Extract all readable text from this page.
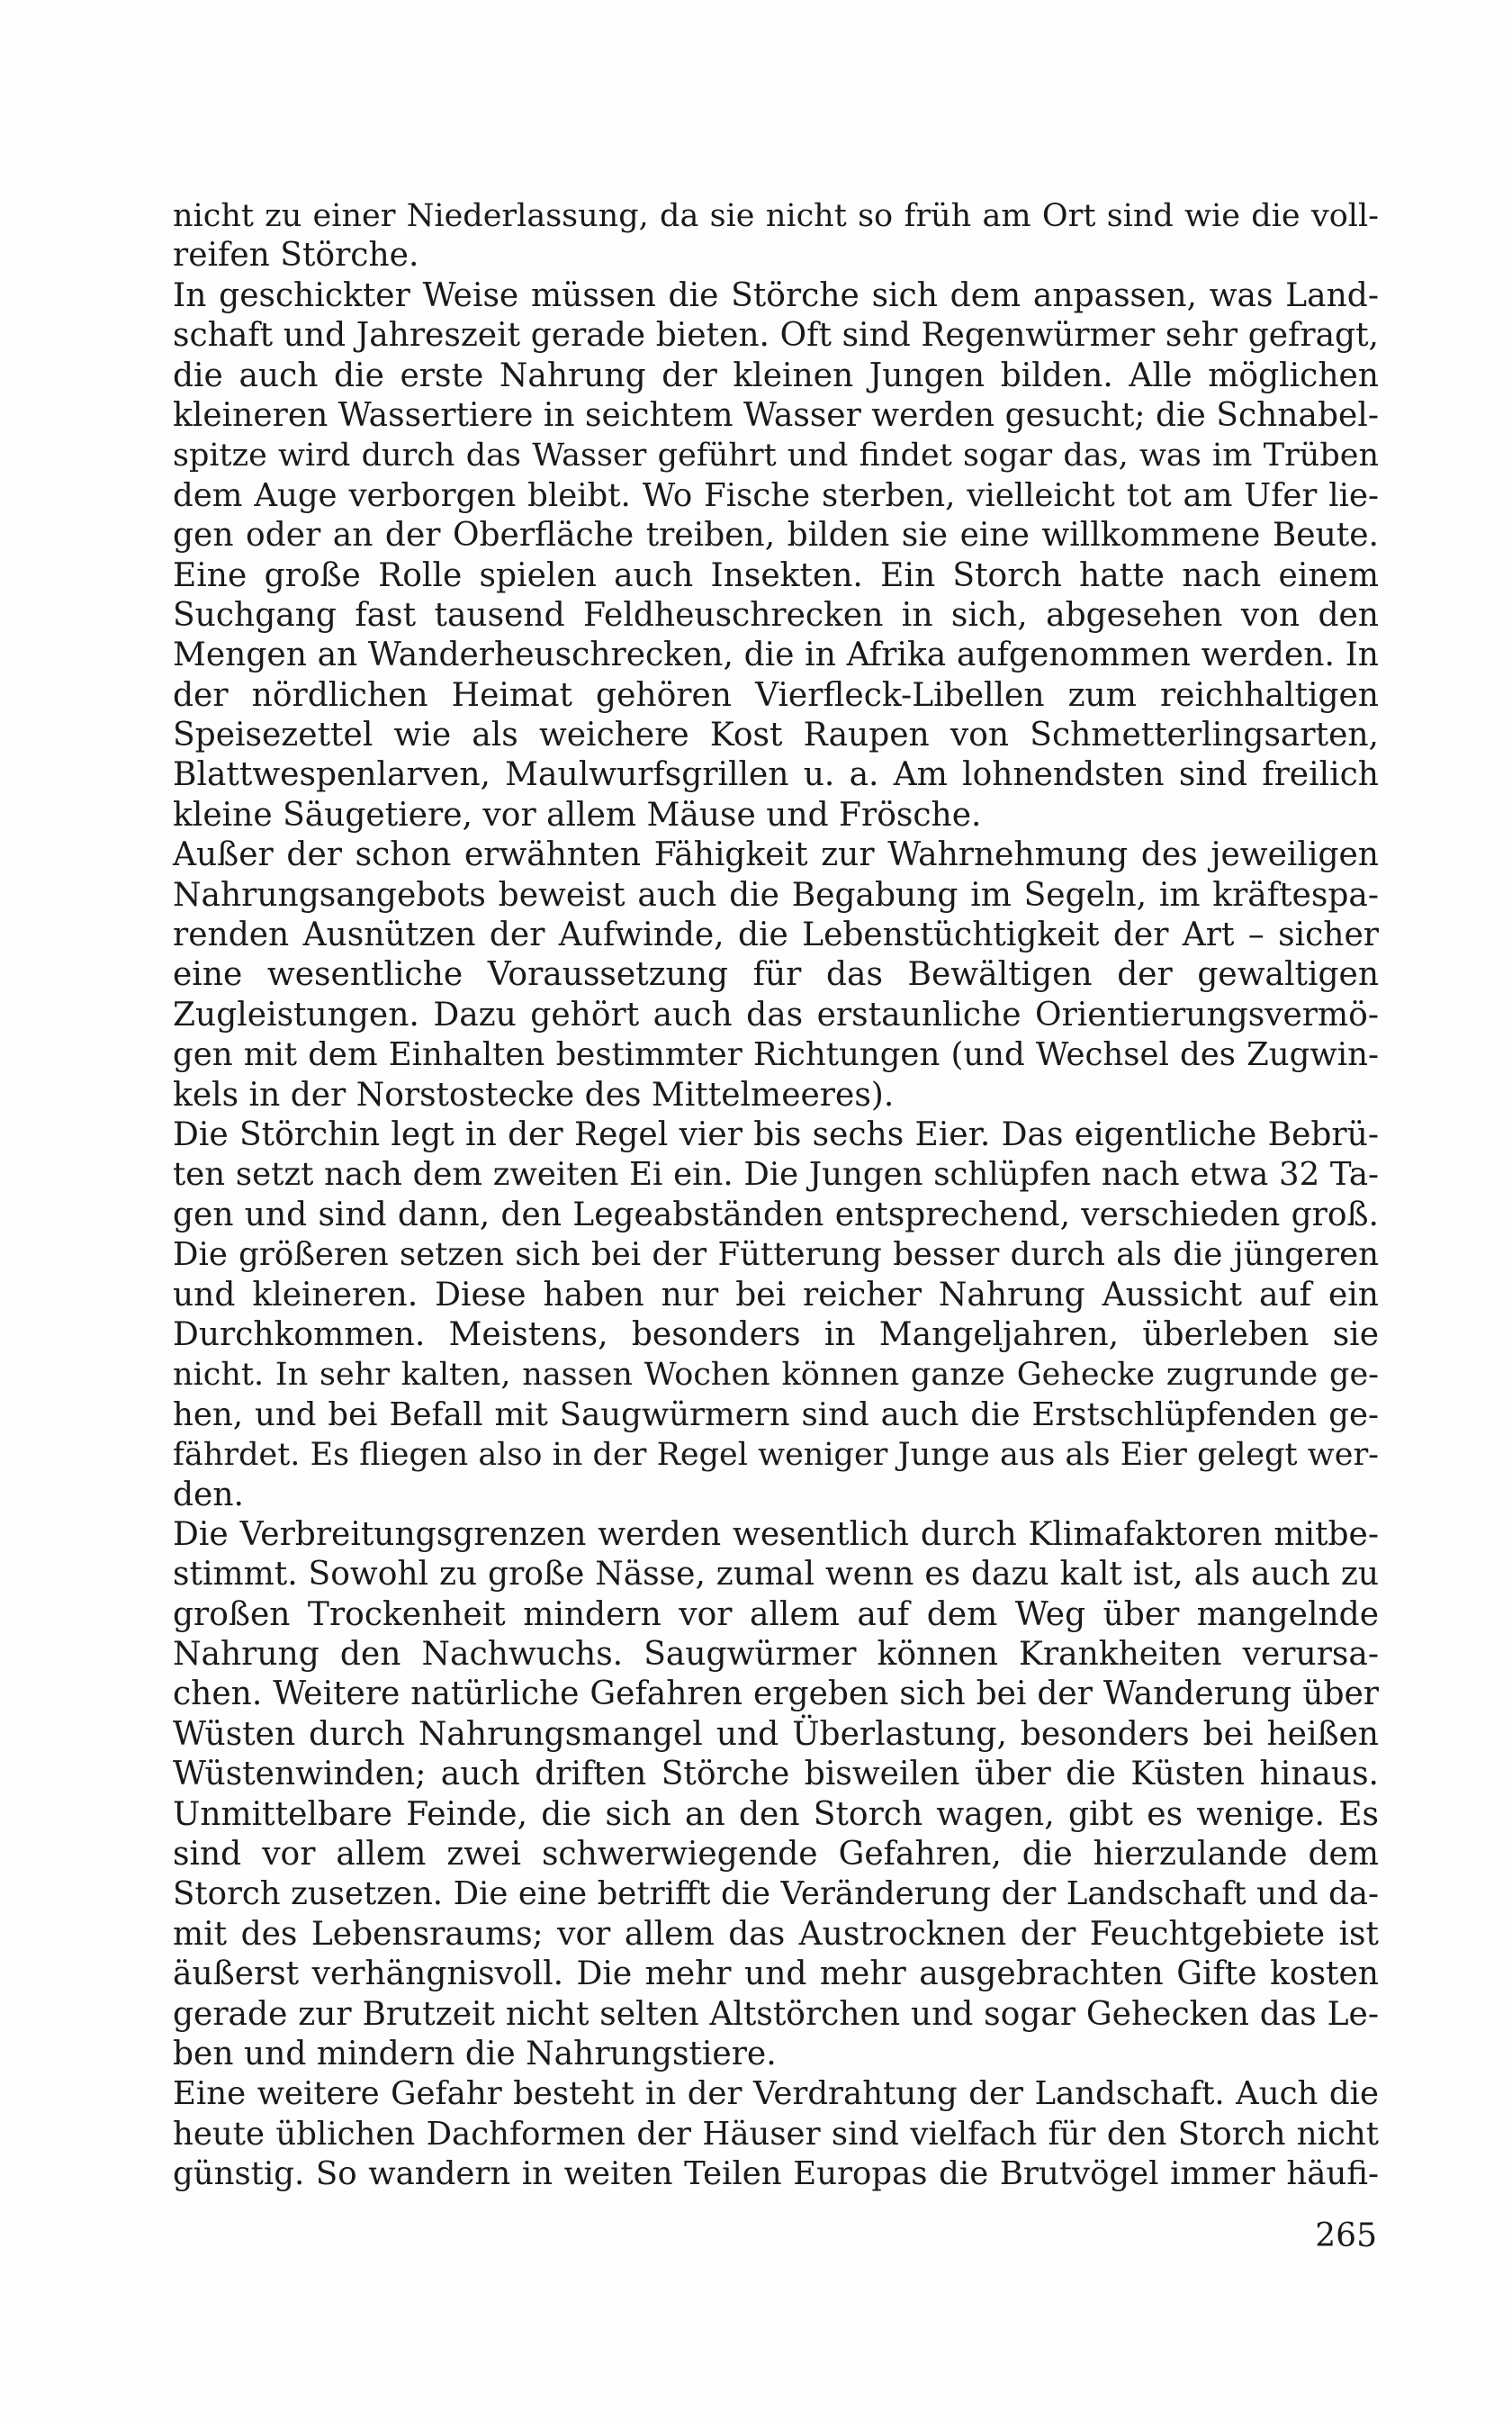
nicht zu einer Niederlassung, da sie nicht so früh am Ort sind wie die voll-
reifen Störche.
In geschickter Weise müssen die Störche sich dem anpassen, was Land-
schaft und Jahreszeit gerade bieten. Oft sind Regenwürmer sehr gefragt,
die auch die erste Nahrung der kleinen Jungen bilden. Alle möglichen
kleineren Wassertiere in seichtem Wasser werden gesucht; die Schnabel-
spitze wird durch das Wasser geführt und findet sogar das, was im Trüben
dem Auge verborgen bleibt. Wo Fische sterben, vielleicht tot am Ufer lie-
gen oder an der Oberfläche treiben, bilden sie eine willkommene Beute.
Eine große Rolle spielen auch Insekten. Ein Storch hatte nach einem
Suchgang fast tausend Feldheuschrecken in sich, abgesehen von den
Mengen an Wanderheuschrecken, die in Afrika aufgenommen werden. In
der nördlichen Heimat gehören Vierfleck-Libellen zum reichhaltigen
Speisezettel wie als weichere Kost Raupen von Schmetterlingsarten,
Blattwespenlarven, Maulwurfsgrillen u. a. Am lohnendsten sind freilich
kleine Säugetiere, vor allem Mäuse und Frösche.
Außer der schon erwähnten Fähigkeit zur Wahrnehmung des jeweiligen
Nahrungsangebots beweist auch die Begabung im Segeln, im kräftespa-
renden Ausnützen der Aufwinde, die Lebenstüchtigkeit der Art – sicher
eine wesentliche Voraussetzung für das Bewältigen der gewaltigen
Zugleistungen. Dazu gehört auch das erstaunliche Orientierungsvermö-
gen mit dem Einhalten bestimmter Richtungen (und Wechsel des Zugwin-
kels in der Norstostecke des Mittelmeeres).
Die Störchin legt in der Regel vier bis sechs Eier. Das eigentliche Bebrü-
ten setzt nach dem zweiten Ei ein. Die Jungen schlüpfen nach etwa 32 Ta-
gen und sind dann, den Legeabständen entsprechend, verschieden groß.
Die größeren setzen sich bei der Fütterung besser durch als die jüngeren
und kleineren. Diese haben nur bei reicher Nahrung Aussicht auf ein
Durchkommen. Meistens, besonders in Mangeljahren, überleben sie
nicht. In sehr kalten, nassen Wochen können ganze Gehecke zugrunde ge-
hen, und bei Befall mit Saugwürmern sind auch die Erstschlüpfenden ge-
fährdet. Es fliegen also in der Regel weniger Junge aus als Eier gelegt wer-
den.
Die Verbreitungsgrenzen werden wesentlich durch Klimafaktoren mitbe-
stimmt. Sowohl zu große Nässe, zumal wenn es dazu kalt ist, als auch zu
großen Trockenheit mindern vor allem auf dem Weg über mangelnde
Nahrung den Nachwuchs. Saugwürmer können Krankheiten verursa-
chen. Weitere natürliche Gefahren ergeben sich bei der Wanderung über
Wüsten durch Nahrungsmangel und Überlastung, besonders bei heißen
Wüstenwinden; auch driften Störche bisweilen über die Küsten hinaus.
Unmittelbare Feinde, die sich an den Storch wagen, gibt es wenige. Es
sind vor allem zwei schwerwiegende Gefahren, die hierzulande dem
Storch zusetzen. Die eine betrifft die Veränderung der Landschaft und da-
mit des Lebensraums; vor allem das Austrocknen der Feuchtgebiete ist
äußerst verhängnisvoll. Die mehr und mehr ausgebrachten Gifte kosten
gerade zur Brutzeit nicht selten Altstörchen und sogar Gehecken das Le-
ben und mindern die Nahrungstiere.
Eine weitere Gefahr besteht in der Verdrahtung der Landschaft. Auch die
heute üblichen Dachformen der Häuser sind vielfach für den Storch nicht
günstig. So wandern in weiten Teilen Europas die Brutvögel immer häufi-
265
